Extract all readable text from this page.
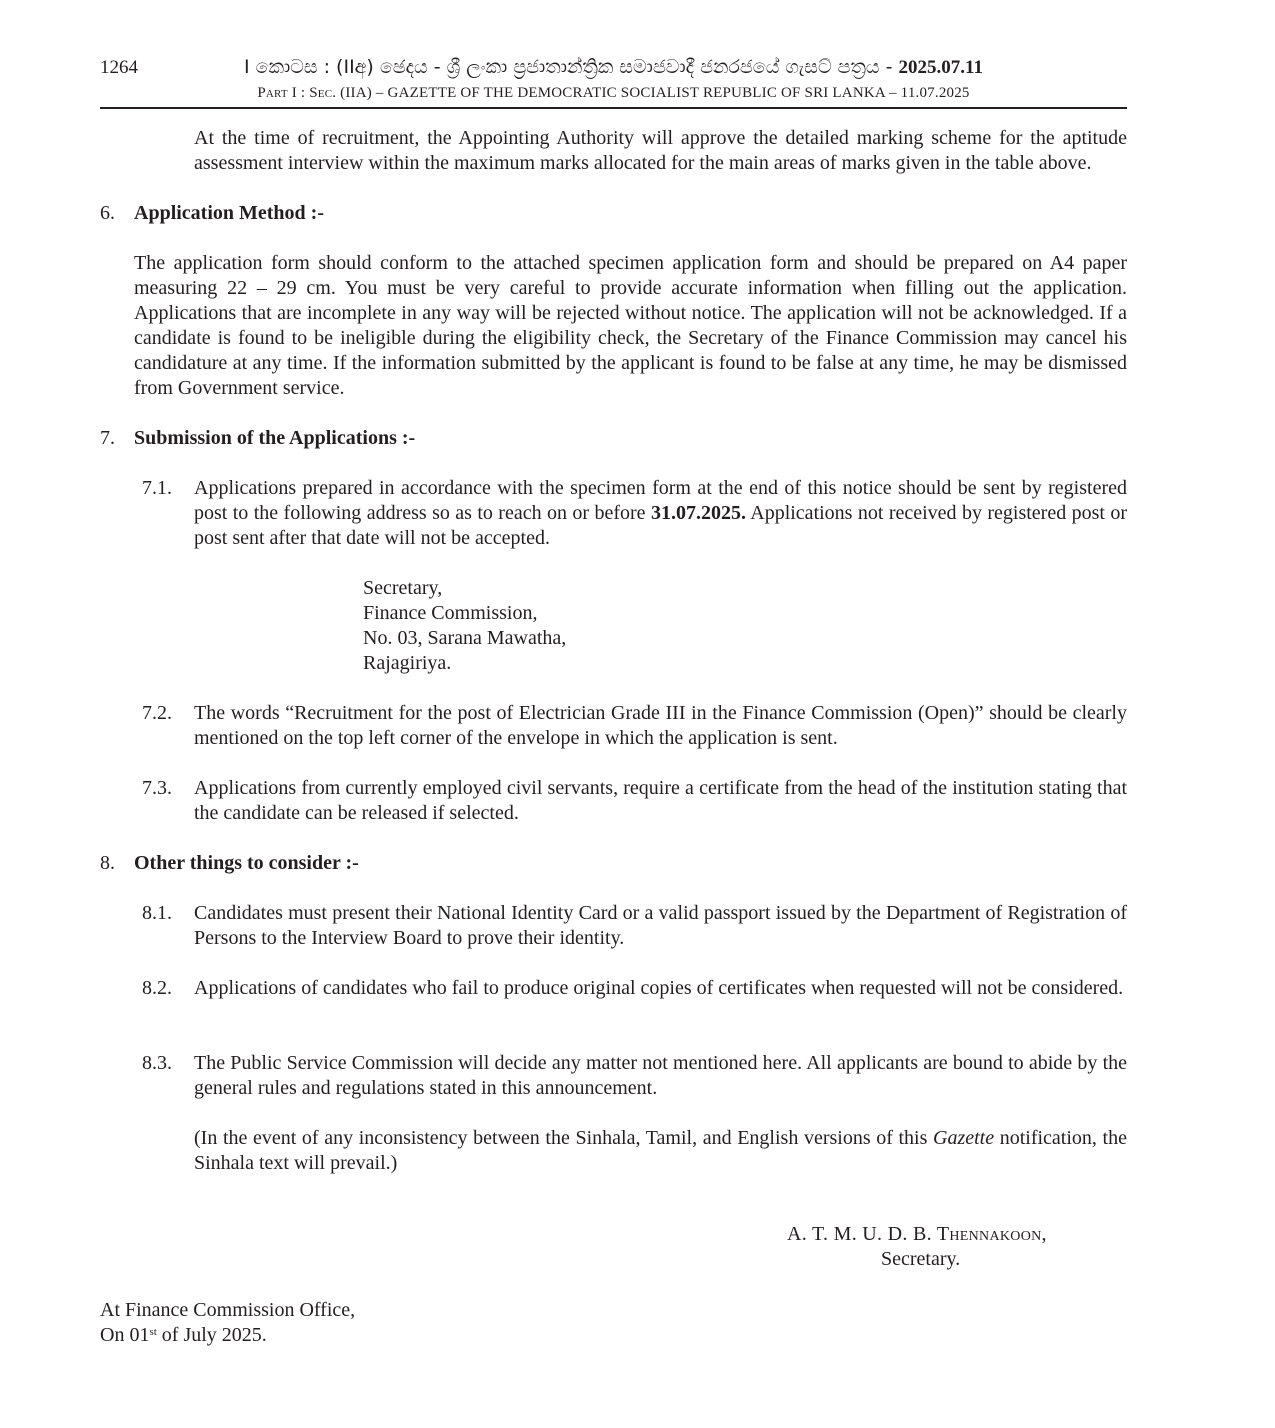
1264	I කොටස : (IIඅ) ඡෙදය - ශ්‍රී ලංකා ප්‍රජාතාන්ත්‍රික සමාජවාදී ජනරජයේ ගැසට් පත්‍රය - 2025.07.11
Part I : Sec. (IIA) – GAZETTE OF THE DEMOCRATIC SOCIALIST REPUBLIC OF SRI LANKA – 11.07.2025
At the time of recruitment, the Appointing Authority will approve the detailed marking scheme for the aptitude assessment interview within the maximum marks allocated for the main areas of marks given in the table above.
6. Application Method :-
The application form should conform to the attached specimen application form and should be prepared on A4 paper measuring 22 – 29 cm. You must be very careful to provide accurate information when filling out the application. Applications that are incomplete in any way will be rejected without notice. The application will not be acknowledged. If a candidate is found to be ineligible during the eligibility check, the Secretary of the Finance Commission may cancel his candidature at any time. If the information submitted by the applicant is found to be false at any time, he may be dismissed from Government service.
7. Submission of the Applications :-
7.1. Applications prepared in accordance with the specimen form at the end of this notice should be sent by registered post to the following address so as to reach on or before 31.07.2025. Applications not received by registered post or post sent after that date will not be accepted.
Secretary,
Finance Commission,
No. 03, Sarana Mawatha,
Rajagiriya.
7.2. The words “Recruitment for the post of Electrician Grade III in the Finance Commission (Open)” should be clearly mentioned on the top left corner of the envelope in which the application is sent.
7.3. Applications from currently employed civil servants, require a certificate from the head of the institution stating that the candidate can be released if selected.
8. Other things to consider :-
8.1. Candidates must present their National Identity Card or a valid passport issued by the Department of Registration of Persons to the Interview Board to prove their identity.
8.2. Applications of candidates who fail to produce original copies of certificates when requested will not be considered.
8.3. The Public Service Commission will decide any matter not mentioned here. All applicants are bound to abide by the general rules and regulations stated in this announcement.
(In the event of any inconsistency between the Sinhala, Tamil, and English versions of this Gazette notification, the Sinhala text will prevail.)
A. T. M. U. D. B. Thennakoon,
Secretary.
At Finance Commission Office,
On 01st of July 2025.
